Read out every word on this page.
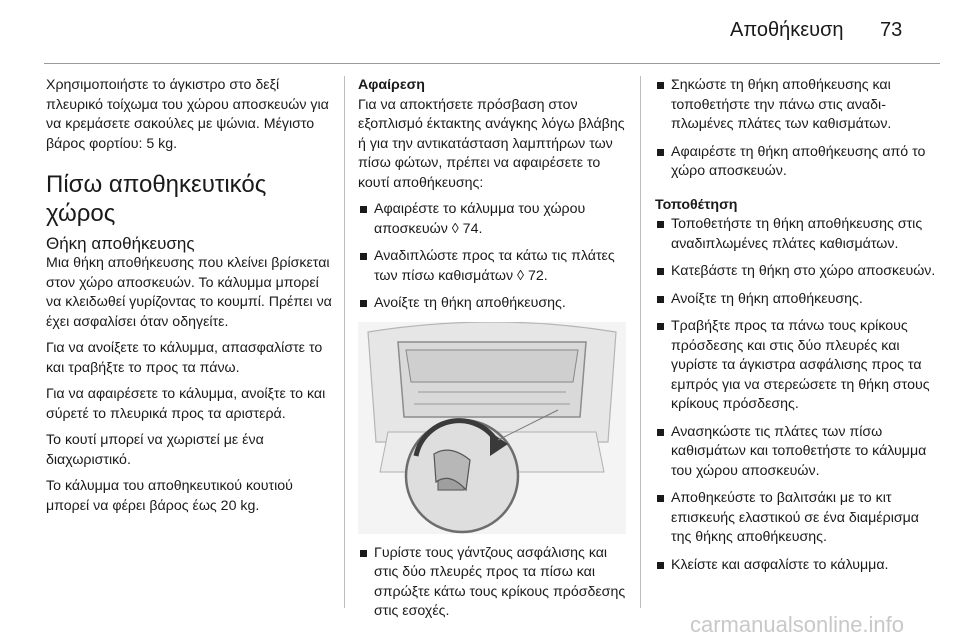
Αποθήκευση 73

Χρησιμοποιήστε το άγκιστρο στο δεξί πλευρικό τοίχωμα του χώρου αποσκευών για να κρεμάσετε σακούλες με ψώνια. Μέγιστο βάρος φορτίου: 5 kg.

Πίσω αποθηκευτικός χώρος
Θήκη αποθήκευσης

Μια θήκη αποθήκευσης που κλείνει βρίσκεται στον χώρο αποσκευών. Το κάλυμμα μπορεί να κλειδωθεί γυρίζοντας το κουμπί. Πρέπει να έχει ασφαλίσει όταν οδηγείτε.

Για να ανοίξετε το κάλυμμα, απασφαλίστε το και τραβήξτε το προς τα πάνω.

Για να αφαιρέσετε το κάλυμμα, ανοίξτε το και σύρετέ το πλευρικά προς τα αριστερά.

Το κουτί μπορεί να χωριστεί με ένα διαχωριστικό.

Το κάλυμμα του αποθηκευτικού κουτιού μπορεί να φέρει βάρος έως 20 kg.

Αφαίρεση

Για να αποκτήσετε πρόσβαση στον εξοπλισμό έκτακτης ανάγκης λόγω βλάβης ή για την αντικατάσταση λαμπτήρων των πίσω φώτων, πρέπει να αφαιρέσετε το κουτί αποθήκευσης:

Αφαιρέστε το κάλυμμα του χώρου αποσκευών ◊ 74.
Αναδιπλώστε προς τα κάτω τις πλάτες των πίσω καθισμάτων ◊ 72.
Ανοίξτε τη θήκη αποθήκευσης.
Γυρίστε τους γάντζους ασφάλισης και στις δύο πλευρές προς τα πίσω και σπρώξτε κάτω τους κρίκους πρόσδεσης στις εσοχές.
Σηκώστε τη θήκη αποθήκευσης και τοποθετήστε την πάνω στις αναδιπλωμένες πλάτες των καθισμάτων.
Αφαιρέστε τη θήκη αποθήκευσης από το χώρο αποσκευών.
Τοποθέτηση
Τοποθετήστε τη θήκη αποθήκευσης στις αναδιπλωμένες πλάτες καθισμάτων.
Κατεβάστε τη θήκη στο χώρο αποσκευών.
Ανοίξτε τη θήκη αποθήκευσης.
Τραβήξτε προς τα πάνω τους κρίκους πρόσδεσης και στις δύο πλευρές και γυρίστε τα άγκιστρα ασφάλισης προς τα εμπρός για να στερεώσετε τη θήκη στους κρίκους πρόσδεσης.
Ανασηκώστε τις πλάτες των πίσω καθισμάτων και τοποθετήστε το κάλυμμα του χώρου αποσκευών.
Αποθηκεύστε το βαλιτσάκι με το κιτ επισκευής ελαστικού σε ένα διαμέρισμα της θήκης αποθήκευσης.
Κλείστε και ασφαλίστε το κάλυμμα.
carmanualsonline.info
